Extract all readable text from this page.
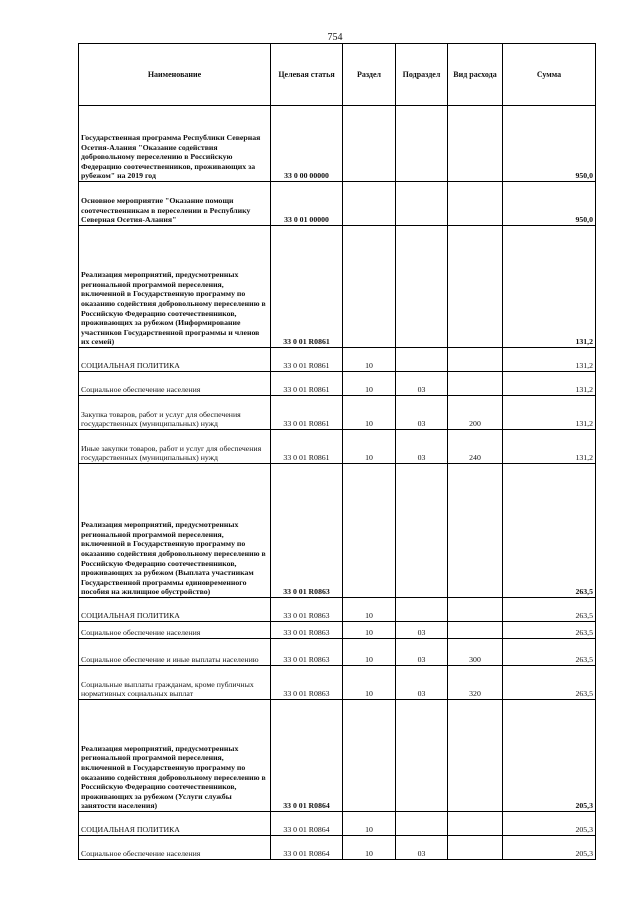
754
Наименование	Целевая статья	Раздел	Подраздел	Вид расхода	Сумма
Государственная программа Республики Северная Осетия-Алания "Оказание содействия добровольному переселению в Российскую Федерацию соотечественников, проживающих за рубежом" на 2019 год	33 0 00 00000				950,0
Основное мероприятие "Оказание помощи соотечественникам в переселении в Республику Северная Осетия-Алания"	33 0 01 00000				950,0
Реализация мероприятий, предусмотренных региональной программой переселения, включенной в Государственную программу по оказанию содействия добровольному переселению в Российскую Федерацию соотечественников, проживающих за рубежом (Информирование участников Государственной программы и членов их семей)	33 0 01 R0861				131,2
СОЦИАЛЬНАЯ ПОЛИТИКА	33 0 01 R0861	10			131,2
Социальное обеспечение населения	33 0 01 R0861	10	03		131,2
Закупка товаров, работ и услуг для обеспечения государственных (муниципальных) нужд	33 0 01 R0861	10	03	200	131,2
Иные закупки товаров, работ и услуг для обеспечения государственных (муниципальных) нужд	33 0 01 R0861	10	03	240	131,2
Реализация мероприятий, предусмотренных региональной программой переселения, включенной в Государственную программу по оказанию содействия добровольному переселению в Российскую Федерацию соотечественников, проживающих за рубежом (Выплата участникам Государственной программы единовременного пособия на жилищное обустройство)	33 0 01 R0863				263,5
СОЦИАЛЬНАЯ ПОЛИТИКА	33 0 01 R0863	10			263,5
Социальное обеспечение населения	33 0 01 R0863	10	03		263,5
Социальное обеспечение и иные выплаты населению	33 0 01 R0863	10	03	300	263,5
Социальные выплаты гражданам, кроме публичных нормативных социальных выплат	33 0 01 R0863	10	03	320	263,5
Реализация мероприятий, предусмотренных региональной программой переселения, включенной в Государственную программу по оказанию содействия добровольному переселению в Российскую Федерацию соотечественников, проживающих за рубежом (Услуги службы занятости населения)	33 0 01 R0864				205,3
СОЦИАЛЬНАЯ ПОЛИТИКА	33 0 01 R0864	10			205,3
Социальное обеспечение населения	33 0 01 R0864	10	03		205,3
